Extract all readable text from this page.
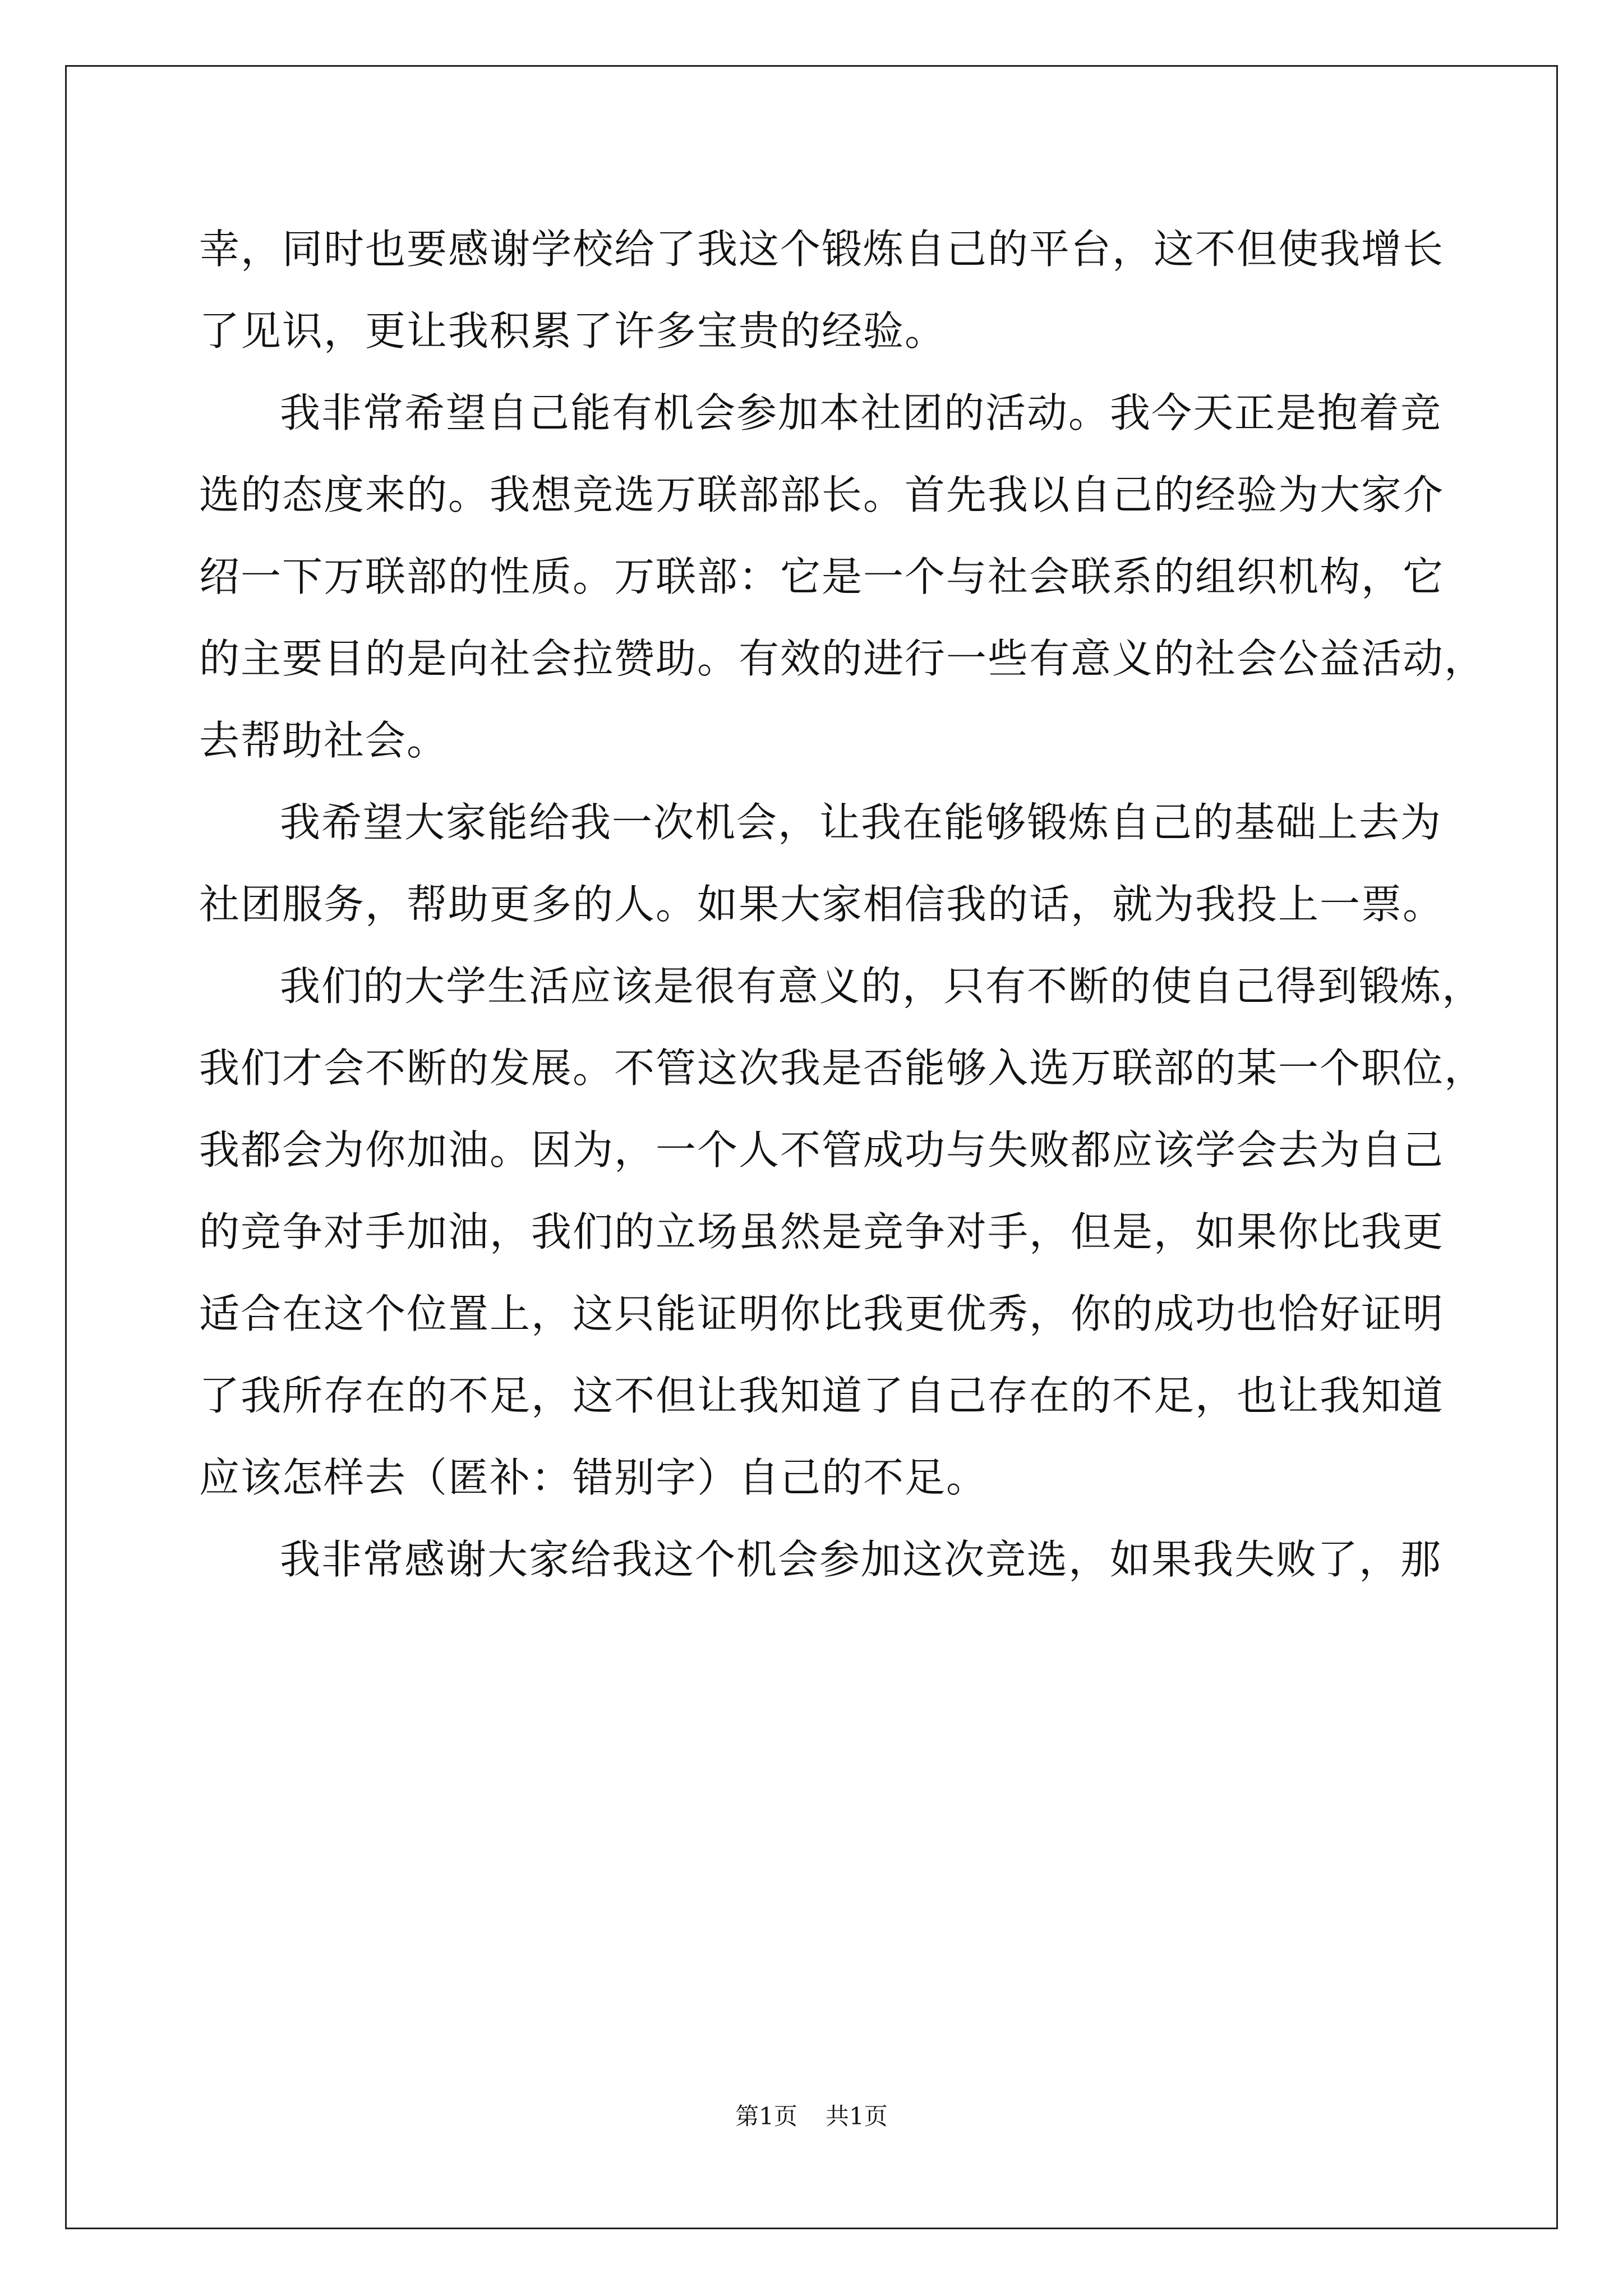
幸，同时也要感谢学校给了我这个锻炼自己的平台，这不但使我增长
了见识，更让我积累了许多宝贵的经验。
我非常希望自己能有机会参加本社团的活动。我今天正是抱着竞
选的态度来的。我想竞选万联部部长。首先我以自己的经验为大家介
绍一下万联部的性质。万联部：它是一个与社会联系的组织机构，它
的主要目的是向社会拉赞助。有效的进行一些有意义的社会公益活动，
去帮助社会。
我希望大家能给我一次机会，让我在能够锻炼自己的基础上去为
社团服务，帮助更多的人。如果大家相信我的话，就为我投上一票。
我们的大学生活应该是很有意义的，只有不断的使自己得到锻炼，
我们才会不断的发展。不管这次我是否能够入选万联部的某一个职位，
我都会为你加油。因为，一个人不管成功与失败都应该学会去为自己
的竞争对手加油，我们的立场虽然是竞争对手，但是，如果你比我更
适合在这个位置上，这只能证明你比我更优秀，你的成功也恰好证明
了我所存在的不足，这不但让我知道了自己存在的不足，也让我知道
应该怎样去（匿补：错别字）自己的不足。
我非常感谢大家给我这个机会参加这次竞选，如果我失败了，那
第1页 共1页
